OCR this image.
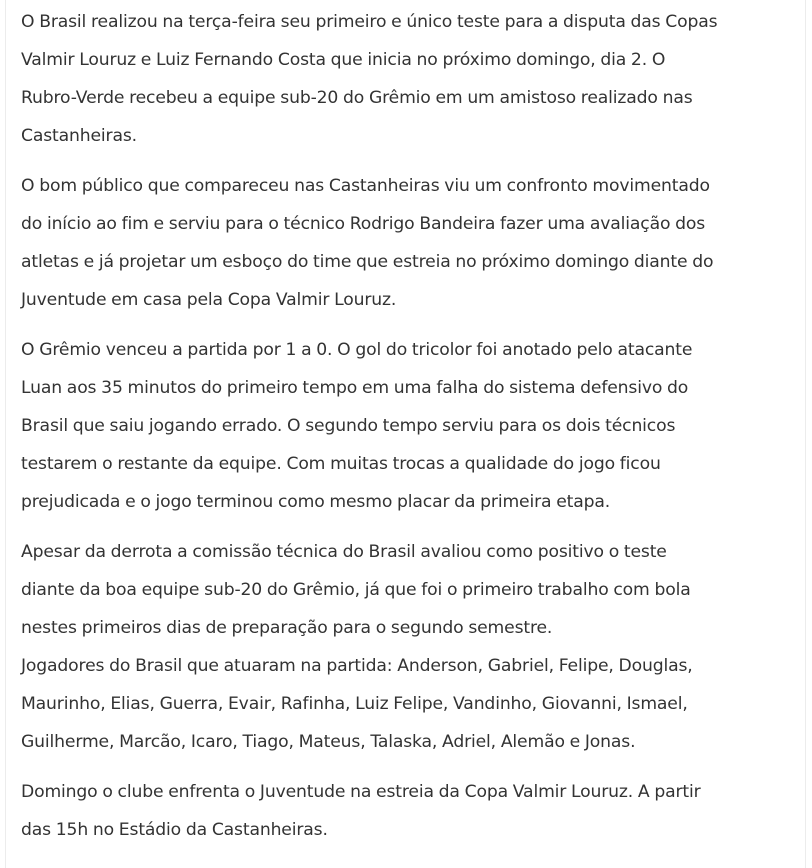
O Brasil realizou na terça-feira seu primeiro e único teste para a disputa das Copas
Valmir Louruz e Luiz Fernando Costa que inicia no próximo domingo, dia 2. O
Rubro-Verde recebeu a equipe sub-20 do Grêmio em um amistoso realizado nas
Castanheiras.

O bom público que compareceu nas Castanheiras viu um confronto movimentado
do início ao fim e serviu para o técnico Rodrigo Bandeira fazer uma avaliação dos
atletas e já projetar um esboço do time que estreia no próximo domingo diante do
Juventude em casa pela Copa Valmir Louruz.

O Grêmio venceu a partida por 1 a 0. O gol do tricolor foi anotado pelo atacante
Luan aos 35 minutos do primeiro tempo em uma falha do sistema defensivo do
Brasil que saiu jogando errado. O segundo tempo serviu para os dois técnicos
testarem o restante da equipe. Com muitas trocas a qualidade do jogo ficou
prejudicada e o jogo terminou como mesmo placar da primeira etapa.

Apesar da derrota a comissão técnica do Brasil avaliou como positivo o teste
diante da boa equipe sub-20 do Grêmio, já que foi o primeiro trabalho com bola
nestes primeiros dias de preparação para o segundo semestre.
Jogadores do Brasil que atuaram na partida: Anderson, Gabriel, Felipe, Douglas,
Maurinho, Elias, Guerra, Evair, Rafinha, Luiz Felipe, Vandinho, Giovanni, Ismael,
Guilherme, Marcão, Icaro, Tiago, Mateus, Talaska, Adriel, Alemão e Jonas.

Domingo o clube enfrenta o Juventude na estreia da Copa Valmir Louruz. A partir
das 15h no Estádio da Castanheiras.
